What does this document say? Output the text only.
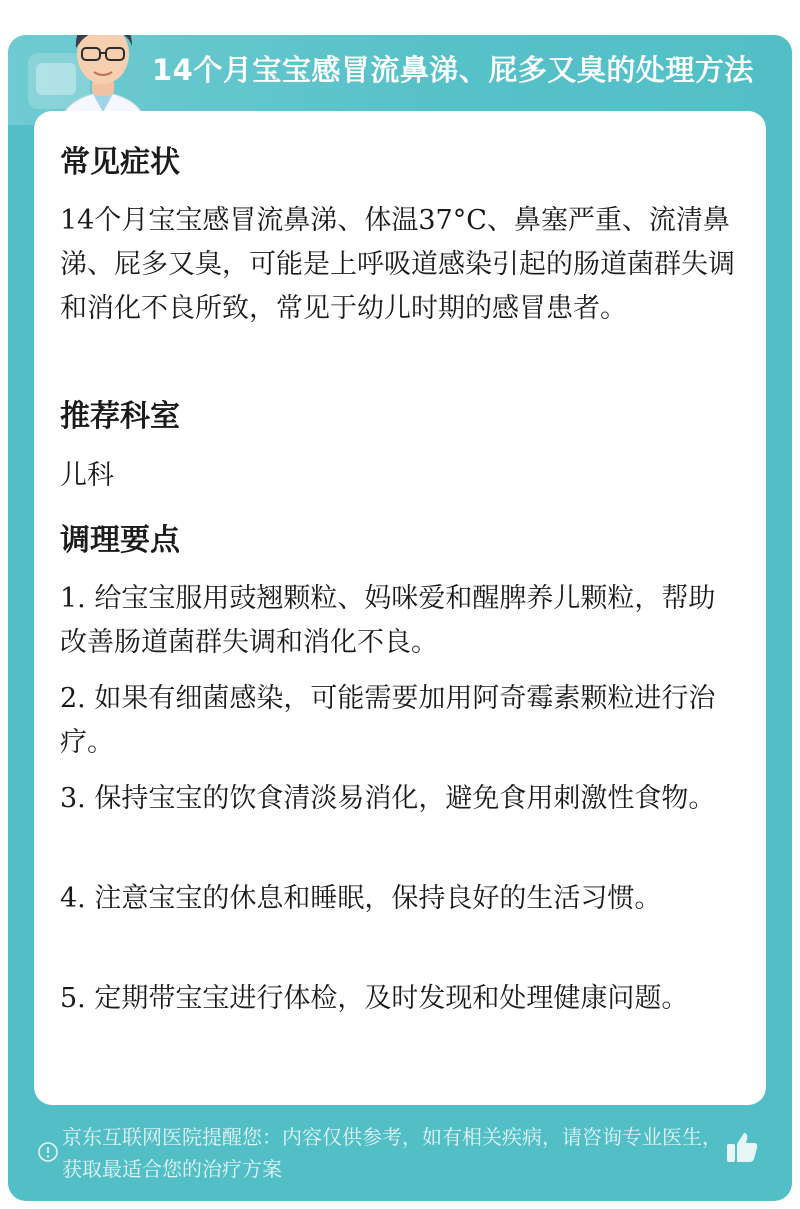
14个月宝宝感冒流鼻涕、屁多又臭的处理方法
常见症状
14个月宝宝感冒流鼻涕、体温37°C、鼻塞严重、流清鼻涕、屁多又臭，可能是上呼吸道感染引起的肠道菌群失调和消化不良所致，常见于幼儿时期的感冒患者。
推荐科室
儿科
调理要点
1. 给宝宝服用豉翘颗粒、妈咪爱和醒脾养儿颗粒，帮助改善肠道菌群失调和消化不良。
2. 如果有细菌感染，可能需要加用阿奇霉素颗粒进行治疗。
3. 保持宝宝的饮食清淡易消化，避免食用刺激性食物。
4. 注意宝宝的休息和睡眠，保持良好的生活习惯。
5. 定期带宝宝进行体检，及时发现和处理健康问题。
京东互联网医院提醒您：内容仅供参考，如有相关疾病，请咨询专业医生，获取最适合您的治疗方案
